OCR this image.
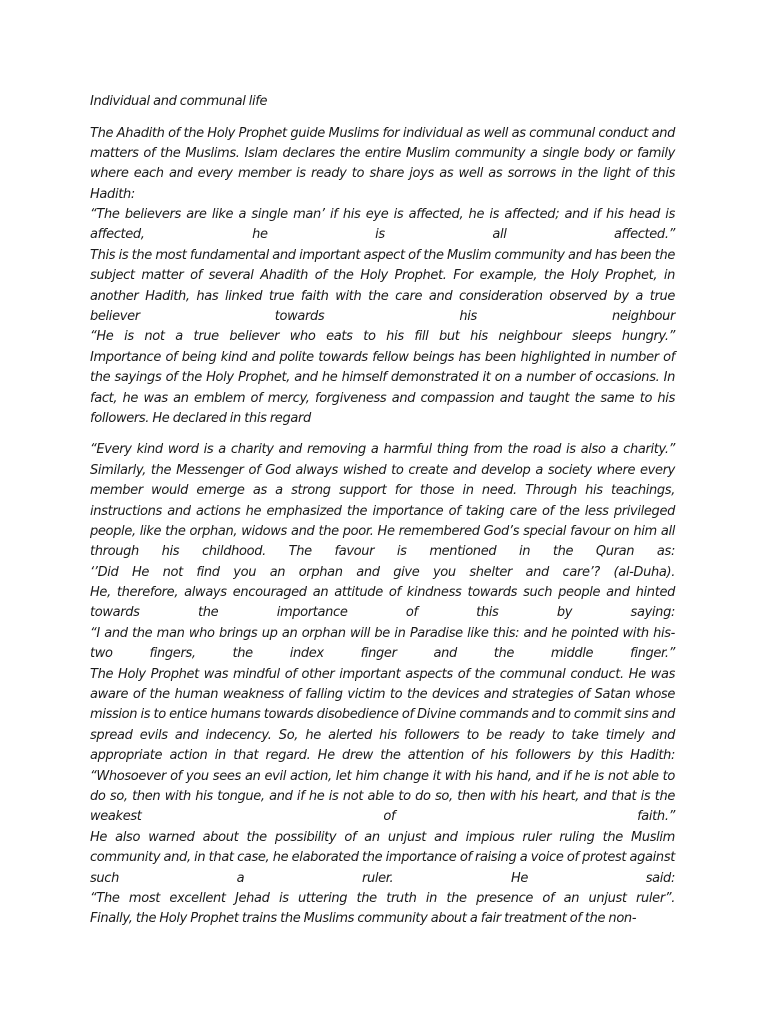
Individual and communal life
The Ahadith of the Holy Prophet guide Muslims for individual as well as communal conduct and
matters of the Muslims. Islam declares the entire Muslim community a single body or family
where each and every member is ready to share joys as well as sorrows in the light of this
Hadith:
“The believers are like a single man’ if his eye is affected, he is affected; and if his head is
affected, he is all affected.”
This is the most fundamental and important aspect of the Muslim community and has been the
subject matter of several Ahadith of the Holy Prophet. For example, the Holy Prophet, in
another Hadith, has linked true faith with the care and consideration observed by a true
believer towards his neighbour
“He is not a true believer who eats to his fill but his neighbour sleeps hungry.”
Importance of being kind and polite towards fellow beings has been highlighted in number of
the sayings of the Holy Prophet, and he himself demonstrated it on a number of occasions. In
fact, he was an emblem of mercy, forgiveness and compassion and taught the same to his
followers. He declared in this regard
“Every kind word is a charity and removing a harmful thing from the road is also a charity.”
Similarly, the Messenger of God always wished to create and develop a society where every
member would emerge as a strong support for those in need. Through his teachings,
instructions and actions he emphasized the importance of taking care of the less privileged
people, like the orphan, widows and the poor. He remembered God’s special favour on him all
through his childhood. The favour is mentioned in the Quran as:
‘’Did He not find you an orphan and give you shelter and care’? (al-Duha).
He, therefore, always encouraged an attitude of kindness towards such people and hinted
towards the importance of this by saying:
“I and the man who brings up an orphan will be in Paradise like this: and he pointed with his-
two fingers, the index finger and the middle finger.”
The Holy Prophet was mindful of other important aspects of the communal conduct. He was
aware of the human weakness of falling victim to the devices and strategies of Satan whose
mission is to entice humans towards disobedience of Divine commands and to commit sins and
spread evils and indecency. So, he alerted his followers to be ready to take timely and
appropriate action in that regard. He drew the attention of his followers by this Hadith:
“Whosoever of you sees an evil action, let him change it with his hand, and if he is not able to
do so, then with his tongue, and if he is not able to do so, then with his heart, and that is the
weakest of faith.”
He also warned about the possibility of an unjust and impious ruler ruling the Muslim
community and, in that case, he elaborated the importance of raising a voice of protest against
such a ruler. He said:
“The most excellent Jehad is uttering the truth in the presence of an unjust ruler”.
Finally, the Holy Prophet trains the Muslims community about a fair treatment of the non-
